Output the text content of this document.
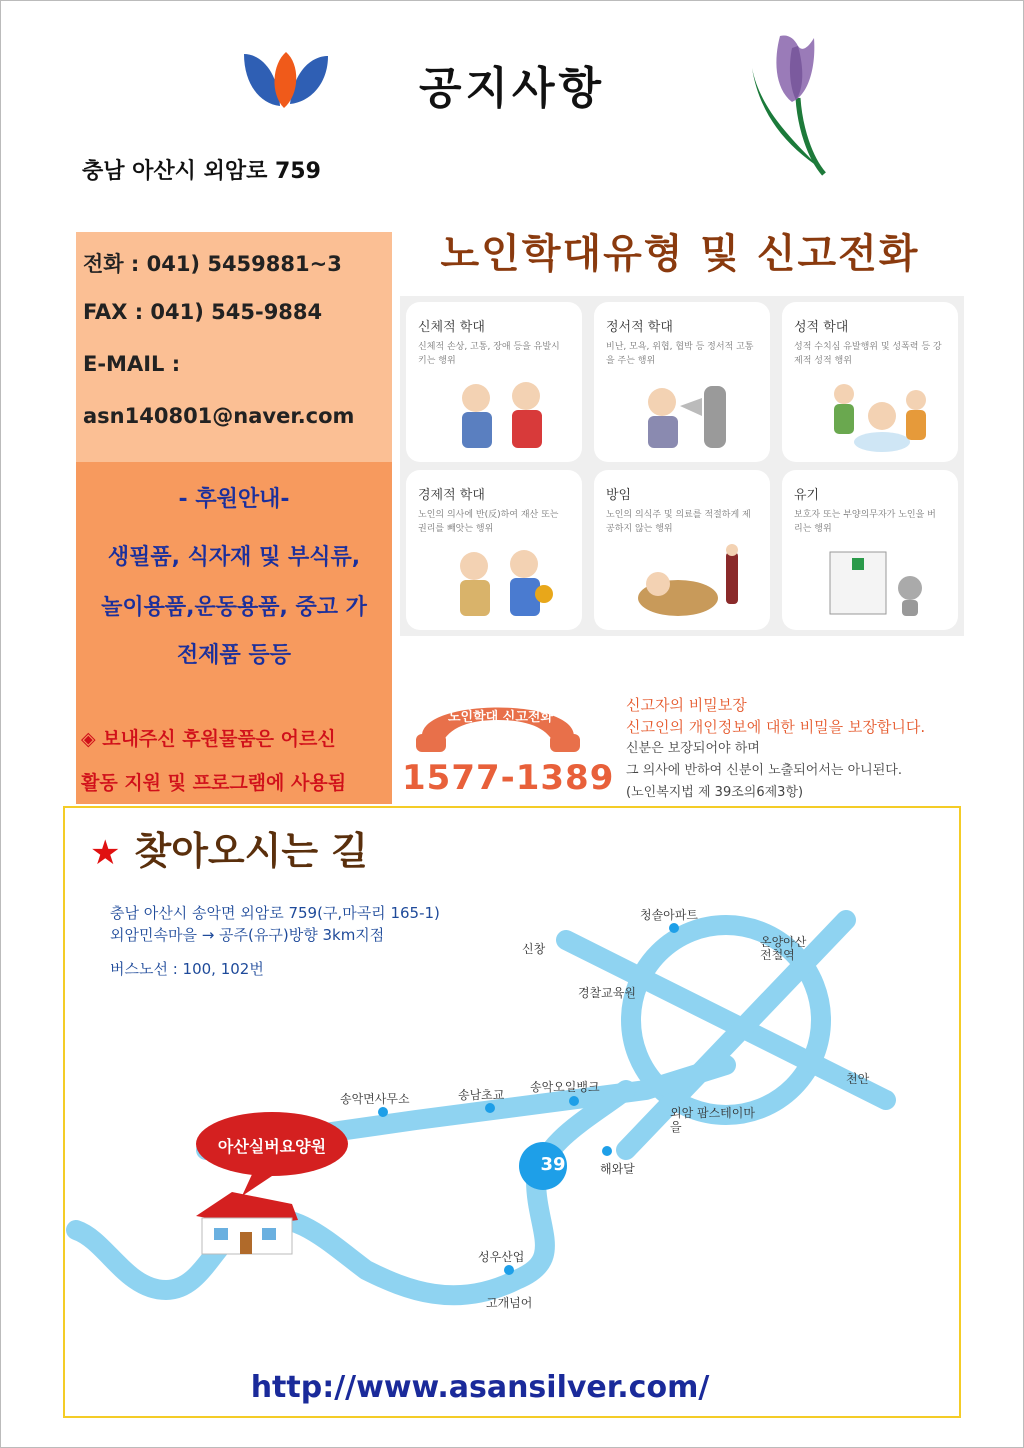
공지사항
충남 아산시 외암로 759
전화 : 041) 5459881~3
FAX : 041) 545-9884
E-MAIL :
asn140801@naver.com
- 후원안내-
생필품, 식자재 및 부식류,
놀이용품,운동용품, 중고 가
전제품 등등
◈ 보내주신 후원물품은 어르신
활동 지원 및 프로그램에 사용됨
노인학대유형 및 신고전화
신체적 학대
신체적 손상, 고통, 장애 등을 유발시키는 행위
정서적 학대
비난, 모욕, 위협, 협박 등 정서적 고통을 주는 행위
성적 학대
성적 수치심 유발행위 및 성폭력 등 강제적 성적 행위
경제적 학대
노인의 의사에 반(反)하여 재산 또는 권리를 빼앗는 행위
방임
노인의 의식주 및 의료를 적절하게 제공하지 않는 행위
유기
보호자 또는 부양의무자가 노인을 버리는 행위
노인학대 신고전화
1577-1389
신고자의 비밀보장
신고인의 개인정보에 대한 비밀을 보장합니다.
신분은 보장되어야 하며
그 의사에 반하여 신분이 노출되어서는 아니된다.
(노인복지법 제 39조의6제3항)
★ 찾아오시는 길
충남 아산시 송악면 외암로 759(구,마곡리 165-1)
외암민속마을 → 공주(유구)방향 3km지점
버스노선 : 100, 102번
39
청솔아파트
신창	온양아산 전철역
경찰교육원
천안
송악면사무소	송남초교
송악오일뱅크
외암 팜스테이마을
해와달
성우산업
고개넘어
아산실버요양원
http://www.asansilver.com/
